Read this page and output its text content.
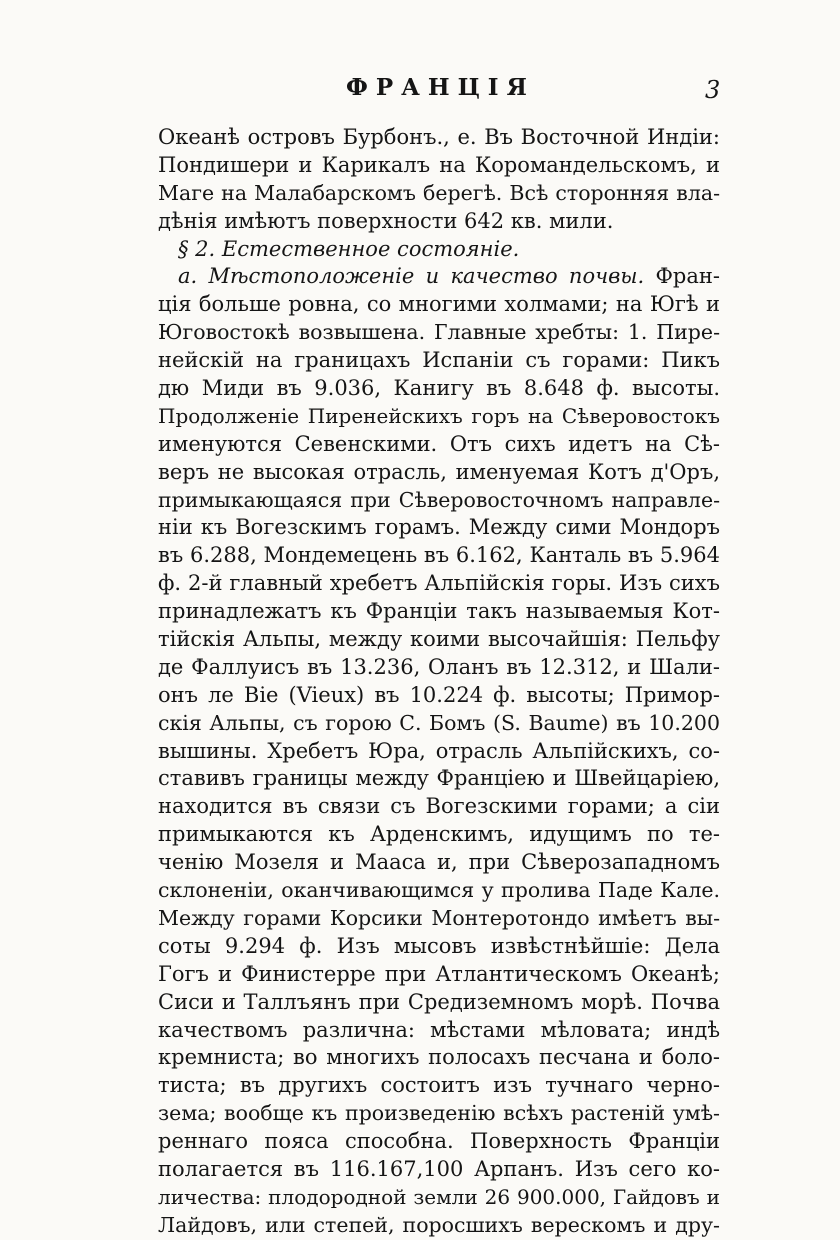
ФРАНЦІЯ	3
Океанѣ островъ Бурбонъ., е. Въ Восточной Индіи:
Пондишери и Карикалъ на Коромандельскомъ, и
Маге на Малабарскомъ берегѣ. Всѣ сторонняя вла-
дѣнія имѣютъ поверхности 642 кв. мили.
§ 2. Естественное состояніе.
а. Мѣстоположеніе и качество почвы. Фран-
ція больше ровна, со многими холмами; на Югѣ и
Юговостокѣ возвышена. Главные хребты: 1. Пире-
нейскій на границахъ Испаніи съ горами: Пикъ
дю Миди въ 9.036, Канигу въ 8.648 ф. высоты.
Продолженіе Пиренейскихъ горъ на Сѣверовостокъ
именуются Севенскими. Отъ сихъ идетъ на Сѣ-
веръ не высокая отрасль, именуемая Котъ д'Оръ,
примыкающаяся при Сѣверовосточномъ направле-
ніи къ Вогезскимъ горамъ. Между сими Мондоръ
въ 6.288, Мондемецень въ 6.162, Канталь въ 5.964
ф. 2-й главный хребетъ Альпійскія горы. Изъ сихъ
принадлежатъ къ Франціи такъ называемыя Кот-
тійскія Альпы, между коими высочайшія: Пельфу
де Фаллуисъ въ 13.236, Оланъ въ 12.312, и Шали-
онъ ле Віе (Vieux) въ 10.224 ф. высоты; Примор-
скія Альпы, съ горою С. Бомъ (S. Baume) въ 10.200
вышины. Хребетъ Юра, отрасль Альпійскихъ, со-
ставивъ границы между Франціею и Швейцаріею,
находится въ связи съ Вогезскими горами; а сіи
примыкаются къ Арденскимъ, идущимъ по те-
ченію Мозеля и Мааса и, при Сѣверозападномъ
склоненіи, оканчивающимся у пролива Паде Кале.
Между горами Корсики Монтеротондо имѣетъ вы-
соты 9.294 ф. Изъ мысовъ извѣстнѣйшіе: Дела
Гогъ и Финистерре при Атлантическомъ Океанѣ;
Сиси и Таллъянъ при Средиземномъ морѣ. Почва
качествомъ различна: мѣстами мѣловата; индѣ
кремниста; во многихъ полосахъ песчана и боло-
тиста; въ другихъ состоитъ изъ тучнаго черно-
зема; вообще къ произведенію всѣхъ растеній умѣ-
реннаго пояса способна. Поверхность Франціи
полагается въ 116.167,100 Арпанъ. Изъ сего ко-
личества: плодородной земли 26 900.000, Гайдовъ и
Лайдовъ, или степей, поросшихъ верескомъ и дру-
